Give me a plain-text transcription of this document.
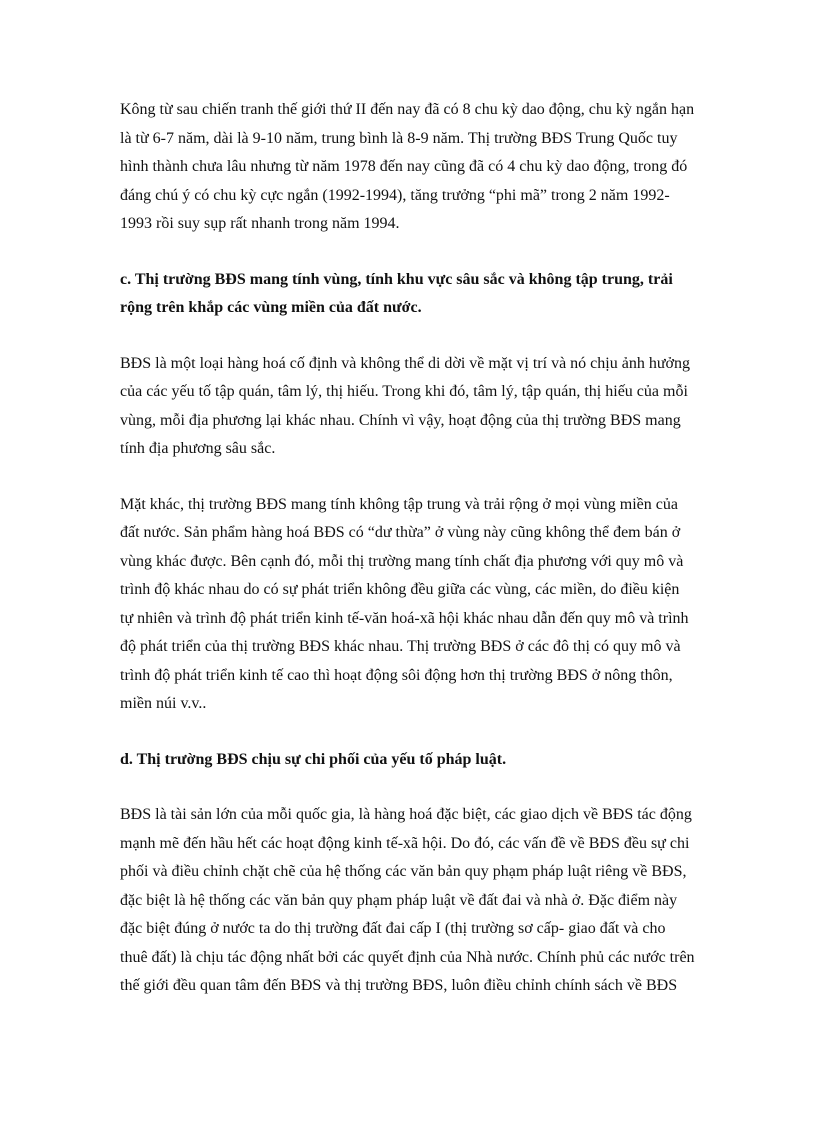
Kông từ sau chiến tranh thế giới thứ II đến nay đã có 8 chu kỳ dao động, chu kỳ ngắn hạn
là từ 6-7 năm, dài là 9-10 năm, trung bình là 8-9 năm. Thị trường BĐS Trung Quốc tuy
hình thành chưa lâu nhưng từ năm 1978 đến nay cũng đã có 4 chu kỳ dao động, trong đó
đáng chú ý có chu kỳ cực ngắn (1992-1994), tăng trưởng “phi mã” trong 2 năm 1992-
1993 rồi suy sụp rất nhanh trong năm 1994.

c. Thị trường BĐS mang tính vùng, tính khu vực sâu sắc và không tập trung, trải
rộng trên khắp các vùng miền của đất nước.

BĐS là một loại hàng hoá cố định và không thể di dời về mặt vị trí và nó chịu ảnh hưởng
của các yếu tố tập quán, tâm lý, thị hiếu. Trong khi đó, tâm lý, tập quán, thị hiếu của mỗi
vùng, mỗi địa phương lại khác nhau. Chính vì vậy, hoạt động của thị trường BĐS mang
tính địa phương sâu sắc.

Mặt khác, thị trường BĐS mang tính không tập trung và trải rộng ở mọi vùng miền của
đất nước. Sản phẩm hàng hoá BĐS có “dư thừa” ở vùng này cũng không thể đem bán ở
vùng khác được. Bên cạnh đó, mỗi thị trường mang tính chất địa phương với quy mô và
trình độ khác nhau do có sự phát triển không đều giữa các vùng, các miền, do điều kiện
tự nhiên và trình độ phát triển kinh tế-văn hoá-xã hội khác nhau dẫn đến quy mô và trình
độ phát triển của thị trường BĐS khác nhau. Thị trường BĐS ở các đô thị có quy mô và
trình độ phát triển kinh tế cao thì hoạt động sôi động hơn thị trường BĐS ở nông thôn,
miền núi v.v..

d. Thị trường BĐS chịu sự chi phối của yếu tố pháp luật.

BĐS là tài sản lớn của mỗi quốc gia, là hàng hoá đặc biệt, các giao dịch về BĐS tác động
mạnh mẽ đến hầu hết các hoạt động kinh tế-xã hội. Do đó, các vấn đề về BĐS đều sự chi
phối và điều chỉnh chặt chẽ của hệ thống các văn bản quy phạm pháp luật riêng về BĐS,
đặc biệt là hệ thống các văn bản quy phạm pháp luật về đất đai và nhà ở. Đặc điểm này
đặc biệt đúng ở nước ta do thị trường đất đai cấp I (thị trường sơ cấp- giao đất và cho
thuê đất) là chịu tác động nhất bởi các quyết định của Nhà nước. Chính phủ các nước trên
thế giới đều quan tâm đến BĐS và thị trường BĐS, luôn điều chỉnh chính sách về BĐS
